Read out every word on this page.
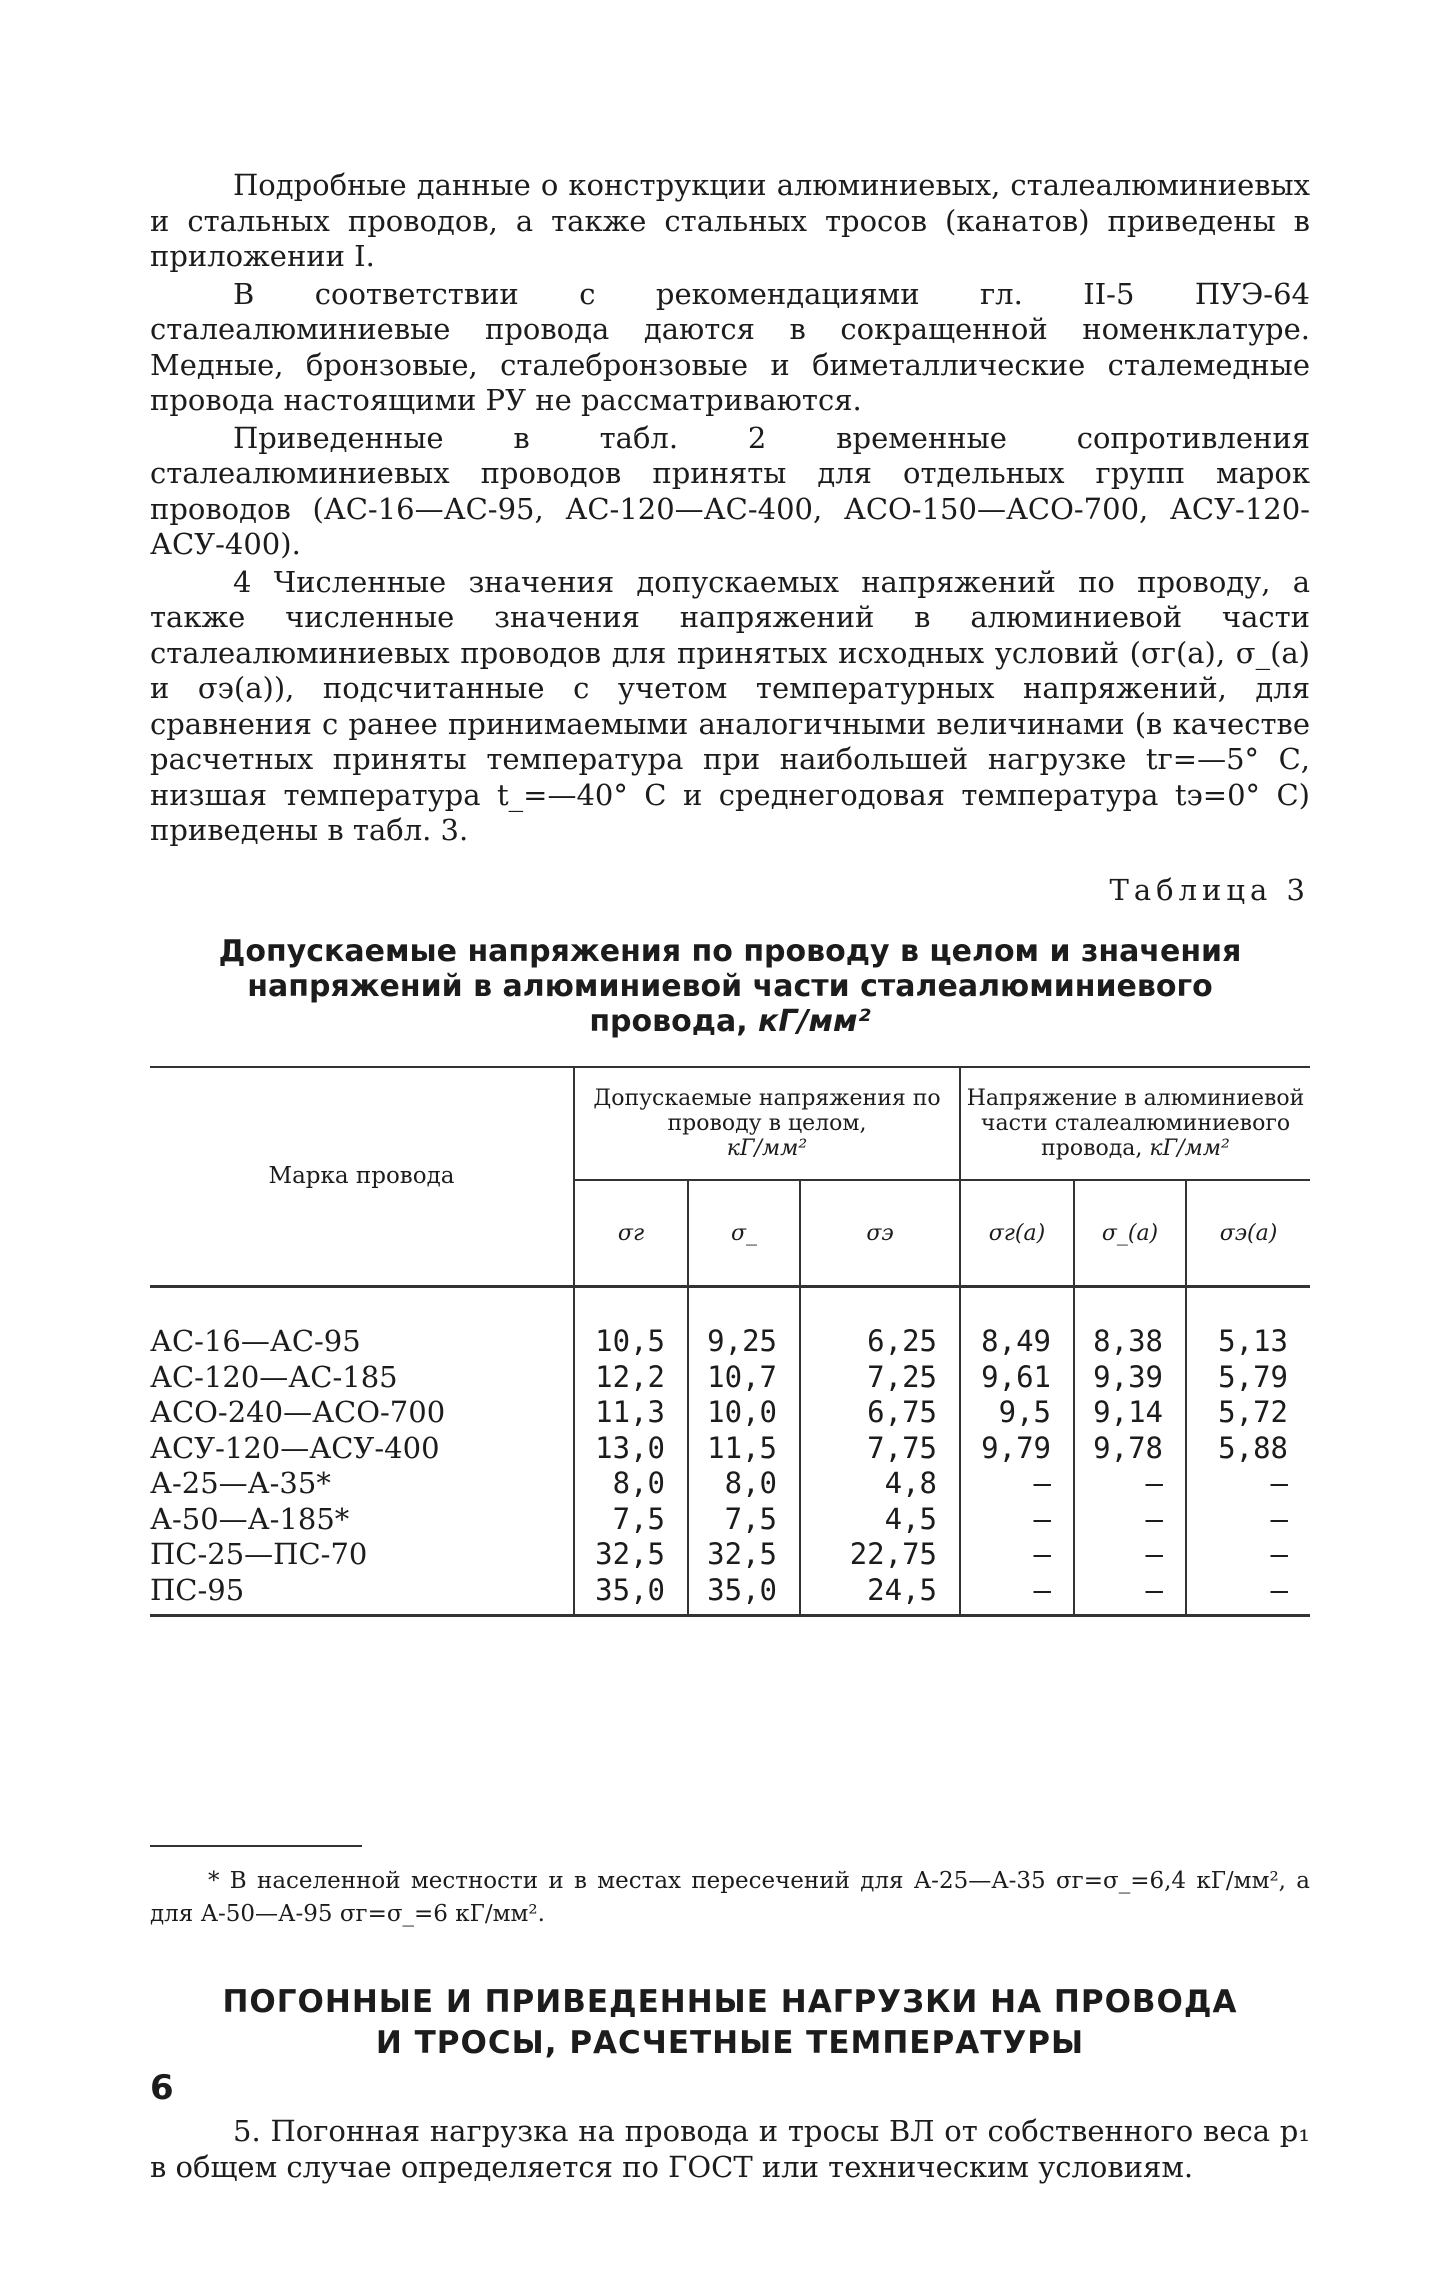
Подробные данные о конструкции алюминиевых, сталеалюминиевых и стальных проводов, а также стальных тросов (канатов) приведены в приложении I.

В соответствии с рекомендациями гл. II-5 ПУЭ-64 сталеалюминиевые провода даются в сокращенной номенклатуре. Медные, бронзовые, сталебронзовые и биметаллические сталемедные провода настоящими РУ не рассматриваются.

Приведенные в табл. 2 временные сопротивления сталеалюминиевых проводов приняты для отдельных групп марок проводов (АС-16—АС-95, АС-120—АС-400, АСО-150—АСО-700, АСУ-120-АСУ-400).

4 Численные значения допускаемых напряжений по проводу, а также численные значения напряжений в алюминиевой части сталеалюминиевых проводов для принятых исходных условий (σг(а), σ_(а) и σэ(а)), подсчитанные с учетом температурных напряжений, для сравнения с ранее принимаемыми аналогичными величинами (в качестве расчетных приняты температура при наибольшей нагрузке tг=—5° С, низшая температура t_=—40° С и среднегодовая температура tэ=0° С) приведены в табл. 3.

Таблица 3
Допускаемые напряжения по проводу в целом и значения
напряжений в алюминиевой части сталеалюминиевого
провода, кГ/мм²
Марка провода	Допускаемые напряжения по проводу в целом,
кГ/мм²			Напряжение в алюминиевой части сталеалюминиевого провода, кГ/мм²		
	σг	σ_	σэ	σг(а)	σ_(а)	σэ(а)
АС-16—АС-95	10,5	9,25	6,25	8,49	8,38	5,13
АС-120—АС-185	12,2	10,7	7,25	9,61	9,39	5,79
АСО-240—АСО-700	11,3	10,0	6,75	9,5	9,14	5,72
АСУ-120—АСУ-400	13,0	11,5	7,75	9,79	9,78	5,88
А-25—А-35*	8,0	8,0	4,8	—	—	—
А-50—А-185*	7,5	7,5	4,5	—	—	—
ПС-25—ПС-70	32,5	32,5	22,75	—	—	—
ПС-95	35,0	35,0	24,5	—	—	—
* В населенной местности и в местах пересечений для А-25—А-35 σг=σ_=6,4 кГ/мм², а для А-50—А-95 σг=σ_=6 кГ/мм².
ПОГОННЫЕ И ПРИВЕДЕННЫЕ НАГРУЗКИ НА ПРОВОДА
И ТРОСЫ, РАСЧЕТНЫЕ ТЕМПЕРАТУРЫ

5. Погонная нагрузка на провода и тросы ВЛ от собственного веса p₁ в общем случае определяется по ГОСТ или техническим условиям.

6
